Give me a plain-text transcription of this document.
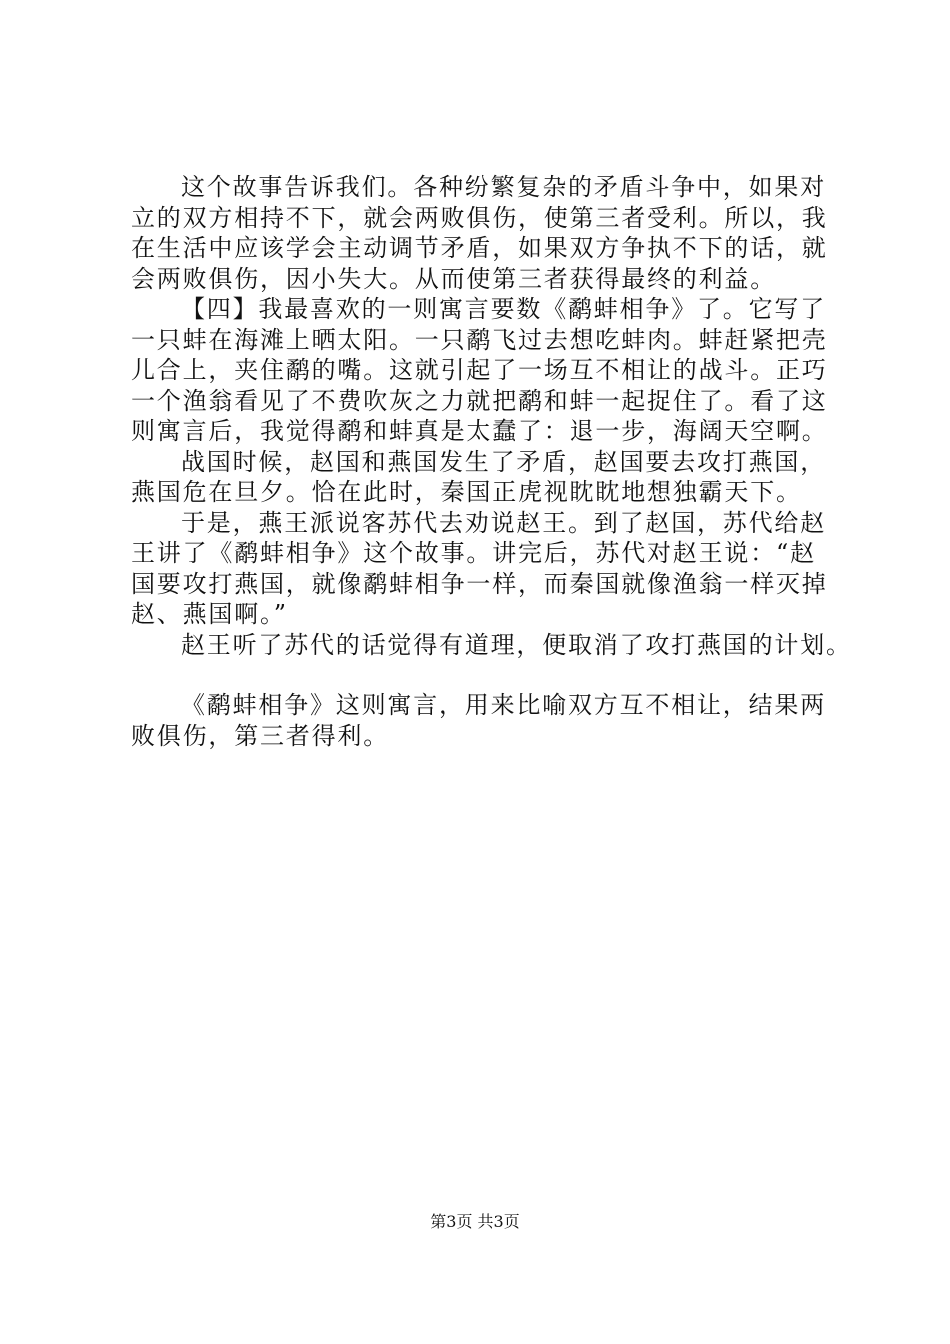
这个故事告诉我们。各种纷繁复杂的矛盾斗争中，如果对
立的双方相持不下，就会两败俱伤，使第三者受利。所以，我
在生活中应该学会主动调节矛盾，如果双方争执不下的话，就
会两败俱伤，因小失大。从而使第三者获得最终的利益。
【四】我最喜欢的一则寓言要数《鹬蚌相争》了。它写了
一只蚌在海滩上晒太阳。一只鹬飞过去想吃蚌肉。蚌赶紧把壳
儿合上，夹住鹬的嘴。这就引起了一场互不相让的战斗。正巧
一个渔翁看见了不费吹灰之力就把鹬和蚌一起捉住了。看了这
则寓言后，我觉得鹬和蚌真是太蠢了：退一步，海阔天空啊。
战国时候，赵国和燕国发生了矛盾，赵国要去攻打燕国，
燕国危在旦夕。恰在此时，秦国正虎视眈眈地想独霸天下。
于是，燕王派说客苏代去劝说赵王。到了赵国，苏代给赵
王讲了《鹬蚌相争》这个故事。讲完后，苏代对赵王说：“赵
国要攻打燕国，就像鹬蚌相争一样，而秦国就像渔翁一样灭掉
赵、燕国啊。”
赵王听了苏代的话觉得有道理，便取消了攻打燕国的计划。
《鹬蚌相争》这则寓言，用来比喻双方互不相让，结果两
败俱伤，第三者得利。
第3页 共3页
